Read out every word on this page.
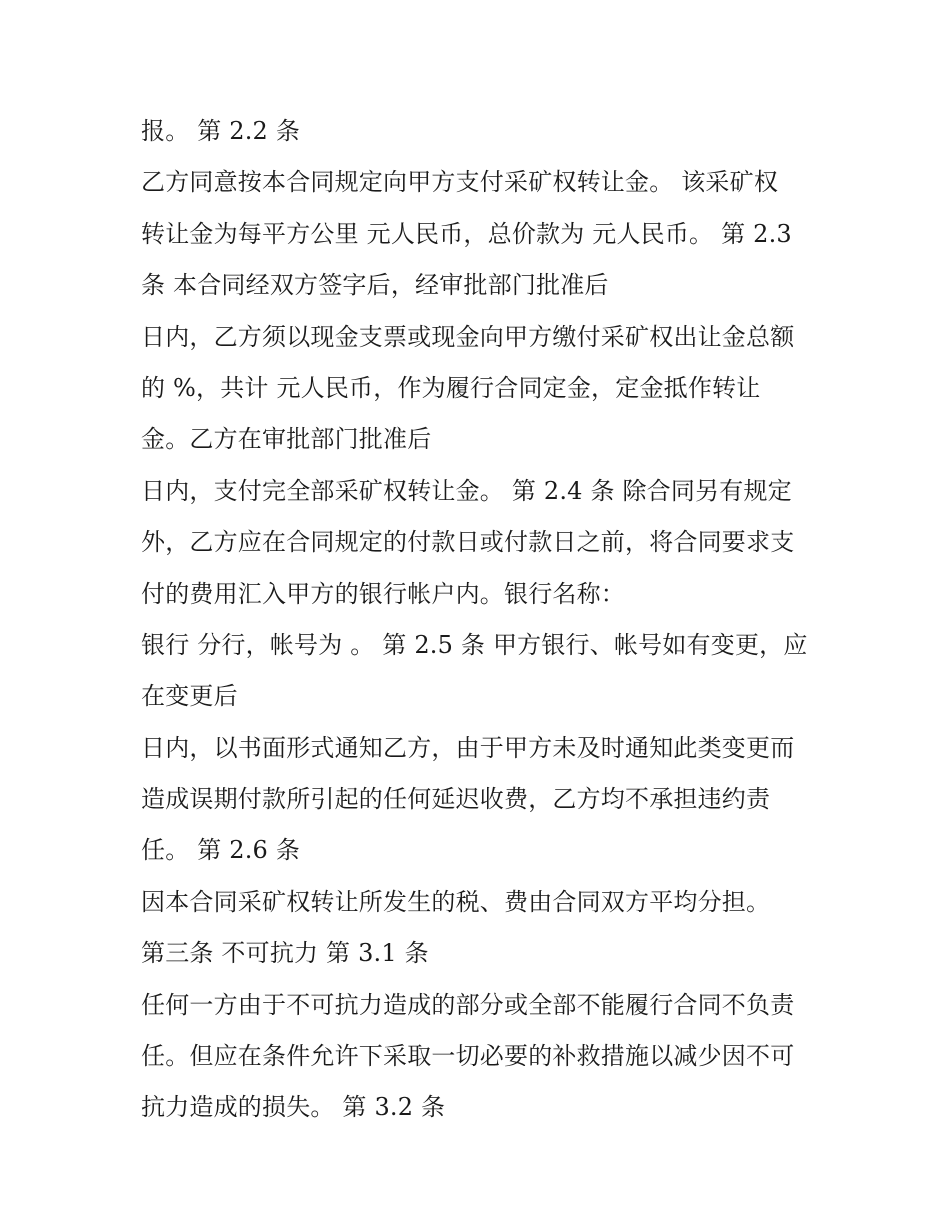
报。 第 2.2 条
乙方同意按本合同规定向甲方支付采矿权转让金。 该采矿权
转让金为每平方公里 元人民币，总价款为 元人民币。 第 2.3
条 本合同经双方签字后，经审批部门批准后
日内，乙方须以现金支票或现金向甲方缴付采矿权出让金总额
的 %，共计 元人民币，作为履行合同定金，定金抵作转让
金。乙方在审批部门批准后
日内，支付完全部采矿权转让金。 第 2.4 条 除合同另有规定
外，乙方应在合同规定的付款日或付款日之前，将合同要求支
付的费用汇入甲方的银行帐户内。银行名称：
银行 分行，帐号为 。 第 2.5 条 甲方银行、帐号如有变更，应
在变更后
日内，以书面形式通知乙方，由于甲方未及时通知此类变更而
造成误期付款所引起的任何延迟收费，乙方均不承担违约责
任。 第 2.6 条
因本合同采矿权转让所发生的税、费由合同双方平均分担。
第三条 不可抗力 第 3.1 条
任何一方由于不可抗力造成的部分或全部不能履行合同不负责
任。但应在条件允许下采取一切必要的补救措施以减少因不可
抗力造成的损失。 第 3.2 条
